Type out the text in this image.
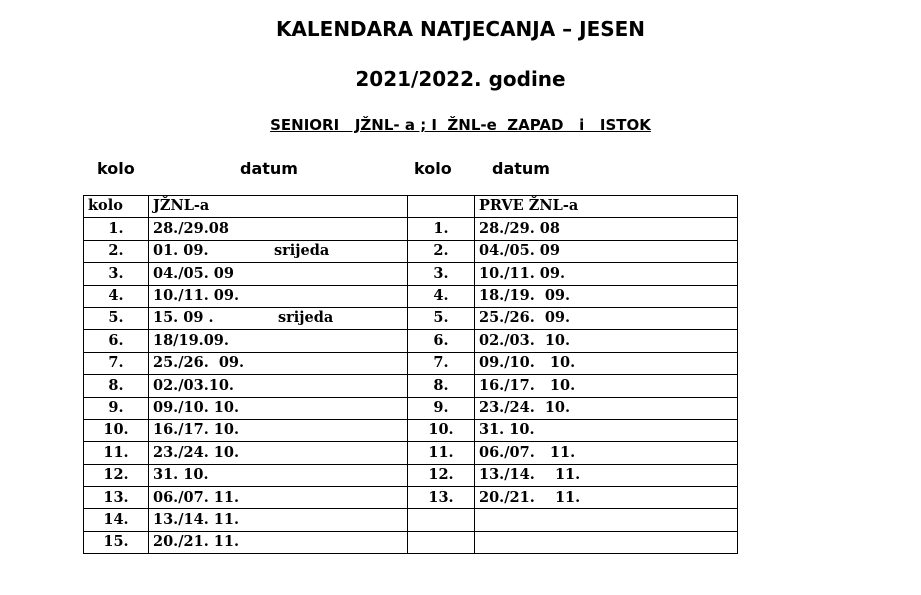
KALENDARA NATJECANJA – JESEN
2021/2022. godine
SENIORI   JŽNL- a ; I  ŽNL-e  ZAPAD   i   ISTOK
kolo	datum	kolo	datum
kolo	JŽNL-a		PRVE ŽNL-a
1.	28./29.08	1.	28./29. 08
2.	01. 09. srijeda	2.	04./05. 09
3.	04./05. 09	3.	10./11. 09.
4.	10./11. 09.	4.	18./19.  09.
5.	15. 09 . srijeda	5.	25./26.  09.
6.	18/19.09.	6.	02./03.  10.
7.	25./26.  09.	7.	09./10.   10.
8.	02./03.10.	8.	16./17.   10.
9.	09./10. 10.	9.	23./24.  10.
10.	16./17. 10.	10.	31. 10.
11.	23./24. 10.	11.	06./07.   11.
12.	31. 10.	12.	13./14.    11.
13.	06./07. 11.	13.	20./21.    11.
14.	13./14. 11.		
15.	20./21. 11.		
